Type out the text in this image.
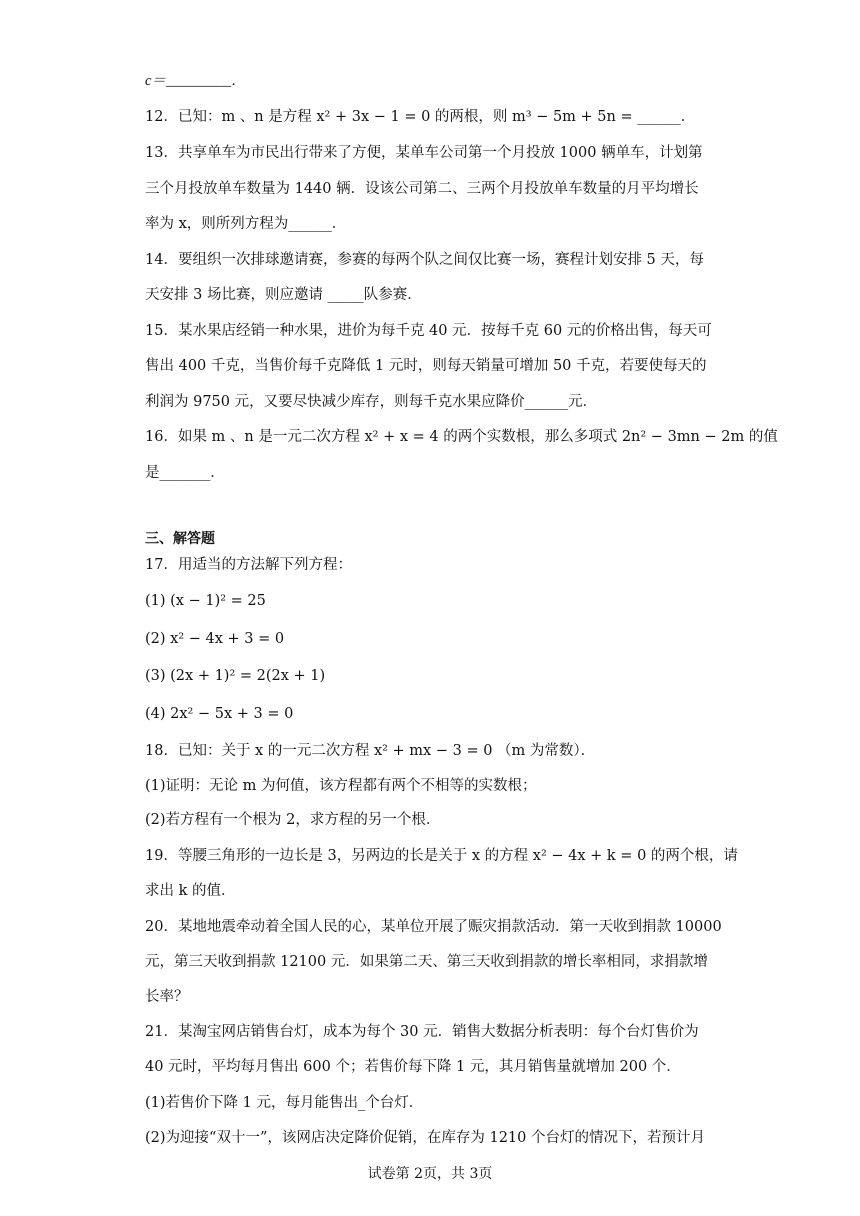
c＝_________．
12．已知：m 、n 是方程 x² + 3x − 1 = 0 的两根，则 m³ − 5m + 5n = ______．
13．共享单车为市民出行带来了方便，某单车公司第一个月投放 1000 辆单车，计划第
三个月投放单车数量为 1440 辆．设该公司第二、三两个月投放单车数量的月平均增长
率为 x，则所列方程为______．
14．要组织一次排球邀请赛，参赛的每两个队之间仅比赛一场，赛程计划安排 5 天，每
天安排 3 场比赛，则应邀请 _____队参赛．
15．某水果店经销一种水果，进价为每千克 40 元．按每千克 60 元的价格出售，每天可
售出 400 千克，当售价每千克降低 1 元时，则每天销量可增加 50 千克，若要使每天的
利润为 9750 元，又要尽快减少库存，则每千克水果应降价______元．
16．如果 m 、n 是一元二次方程 x² + x = 4 的两个实数根，那么多项式 2n² − 3mn − 2m 的值
是_______．
三、解答题
17．用适当的方法解下列方程：
(1) (x − 1)² = 25
(2) x² − 4x + 3 = 0
(3) (2x + 1)² = 2(2x + 1)
(4) 2x² − 5x + 3 = 0
18．已知：关于 x 的一元二次方程 x² + mx − 3 = 0 （m 为常数）．
(1)证明：无论 m 为何值，该方程都有两个不相等的实数根；
(2)若方程有一个根为 2，求方程的另一个根．
19．等腰三角形的一边长是 3，另两边的长是关于 x 的方程 x² − 4x + k = 0 的两个根，请
求出 k 的值．
20．某地地震牵动着全国人民的心，某单位开展了赈灾捐款活动．第一天收到捐款 10000
元，第三天收到捐款 12100 元．如果第二天、第三天收到捐款的增长率相同，求捐款增
长率？
21．某淘宝网店销售台灯，成本为每个 30 元．销售大数据分析表明：每个台灯售价为
40 元时，平均每月售出 600 个；若售价每下降 1 元，其月销售量就增加 200 个．
(1)若售价下降 1 元，每月能售出_个台灯．
(2)为迎接“双十一”，该网店决定降价促销，在库存为 1210 个台灯的情况下，若预计月
试卷第 2页，共 3页
